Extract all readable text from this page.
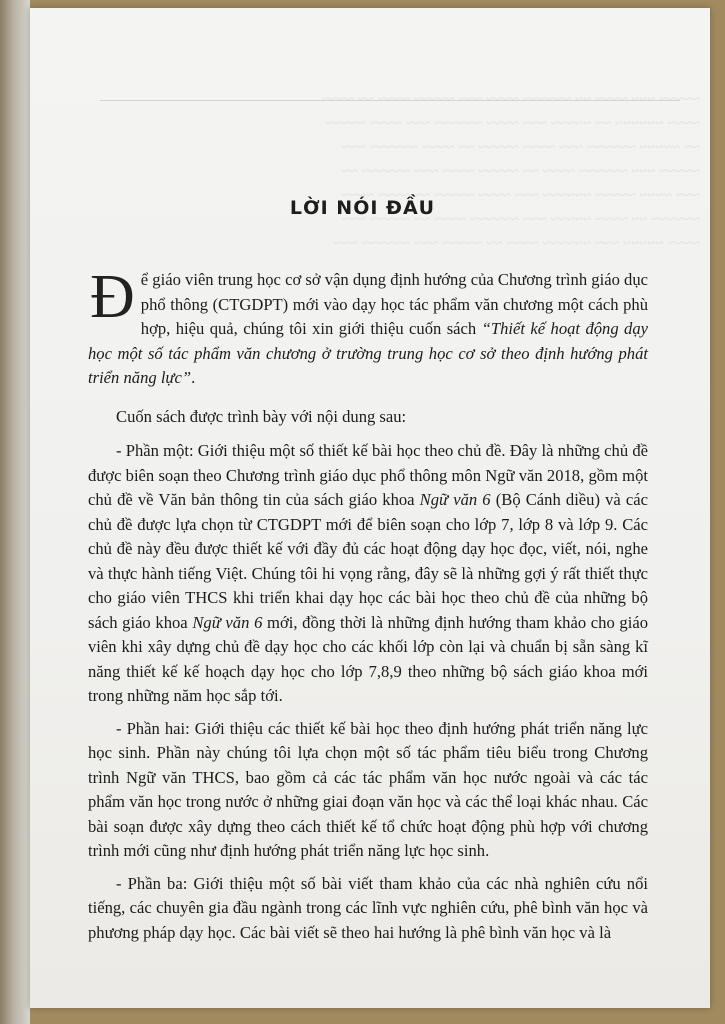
~~~~~ ~~~ ~~~~ ~~ ~~~~~~ ~~~~ ~~~ ~~~~~ ~~~~ ~~ ~~~~
~~~~ ~~~~~~ ~~ ~~~~~ ~~~ ~~~~ ~~~~~~ ~~~ ~~~~ ~~~~~
~~ ~~~~~ ~~~~~~ ~~~ ~~~~ ~~~~~ ~~ ~~~~ ~~~~~~ ~~~
~~~~~ ~~~ ~~~~~~ ~~~~ ~~ ~~~~~ ~~~~ ~~~ ~~~~~~ ~~
~~~ ~~~~ ~~~~~ ~~~~~~ ~~~ ~~~~ ~~~~~ ~~ ~~~~ ~~~~
~~~~~~ ~~ ~~~~ ~~~~~ ~~~ ~~~~~~ ~~~~ ~~ ~~~~~ ~~~
~~~~ ~~~~~ ~~~ ~~~~~~ ~~~~ ~~ ~~~~~ ~~~ ~~~~~~ ~~~
LỜI NÓI ĐẦU

Để giáo viên trung học cơ sở vận dụng định hướng của Chương trình giáo dục phổ thông (CTGDPT) mới vào dạy học tác phẩm văn chương một cách phù hợp, hiệu quả, chúng tôi xin giới thiệu cuốn sách “Thiết kế hoạt động dạy học một số tác phẩm văn chương ở trường trung học cơ sở theo định hướng phát triển năng lực”.

Cuốn sách được trình bày với nội dung sau:

- Phần một: Giới thiệu một số thiết kế bài học theo chủ đề. Đây là những chủ đề được biên soạn theo Chương trình giáo dục phổ thông môn Ngữ văn 2018, gồm một chủ đề về Văn bản thông tin của sách giáo khoa Ngữ văn 6 (Bộ Cánh diều) và các chủ đề được lựa chọn từ CTGDPT mới để biên soạn cho lớp 7, lớp 8 và lớp 9. Các chủ đề này đều được thiết kế với đầy đủ các hoạt động dạy học đọc, viết, nói, nghe và thực hành tiếng Việt. Chúng tôi hi vọng rằng, đây sẽ là những gợi ý rất thiết thực cho giáo viên THCS khi triển khai dạy học các bài học theo chủ đề của những bộ sách giáo khoa Ngữ văn 6 mới, đồng thời là những định hướng tham khảo cho giáo viên khi xây dựng chủ đề dạy học cho các khối lớp còn lại và chuẩn bị sẵn sàng kĩ năng thiết kế kế hoạch dạy học cho lớp 7,8,9 theo những bộ sách giáo khoa mới trong những năm học sắp tới.

- Phần hai: Giới thiệu các thiết kế bài học theo định hướng phát triển năng lực học sinh. Phần này chúng tôi lựa chọn một số tác phẩm tiêu biểu trong Chương trình Ngữ văn THCS, bao gồm cả các tác phẩm văn học nước ngoài và các tác phẩm văn học trong nước ở những giai đoạn văn học và các thể loại khác nhau. Các bài soạn được xây dựng theo cách thiết kế tổ chức hoạt động phù hợp với chương trình mới cũng như định hướng phát triển năng lực học sinh.

- Phần ba: Giới thiệu một số bài viết tham khảo của các nhà nghiên cứu nổi tiếng, các chuyên gia đầu ngành trong các lĩnh vực nghiên cứu, phê bình văn học và phương pháp dạy học. Các bài viết sẽ theo hai hướng là phê bình văn học và là
